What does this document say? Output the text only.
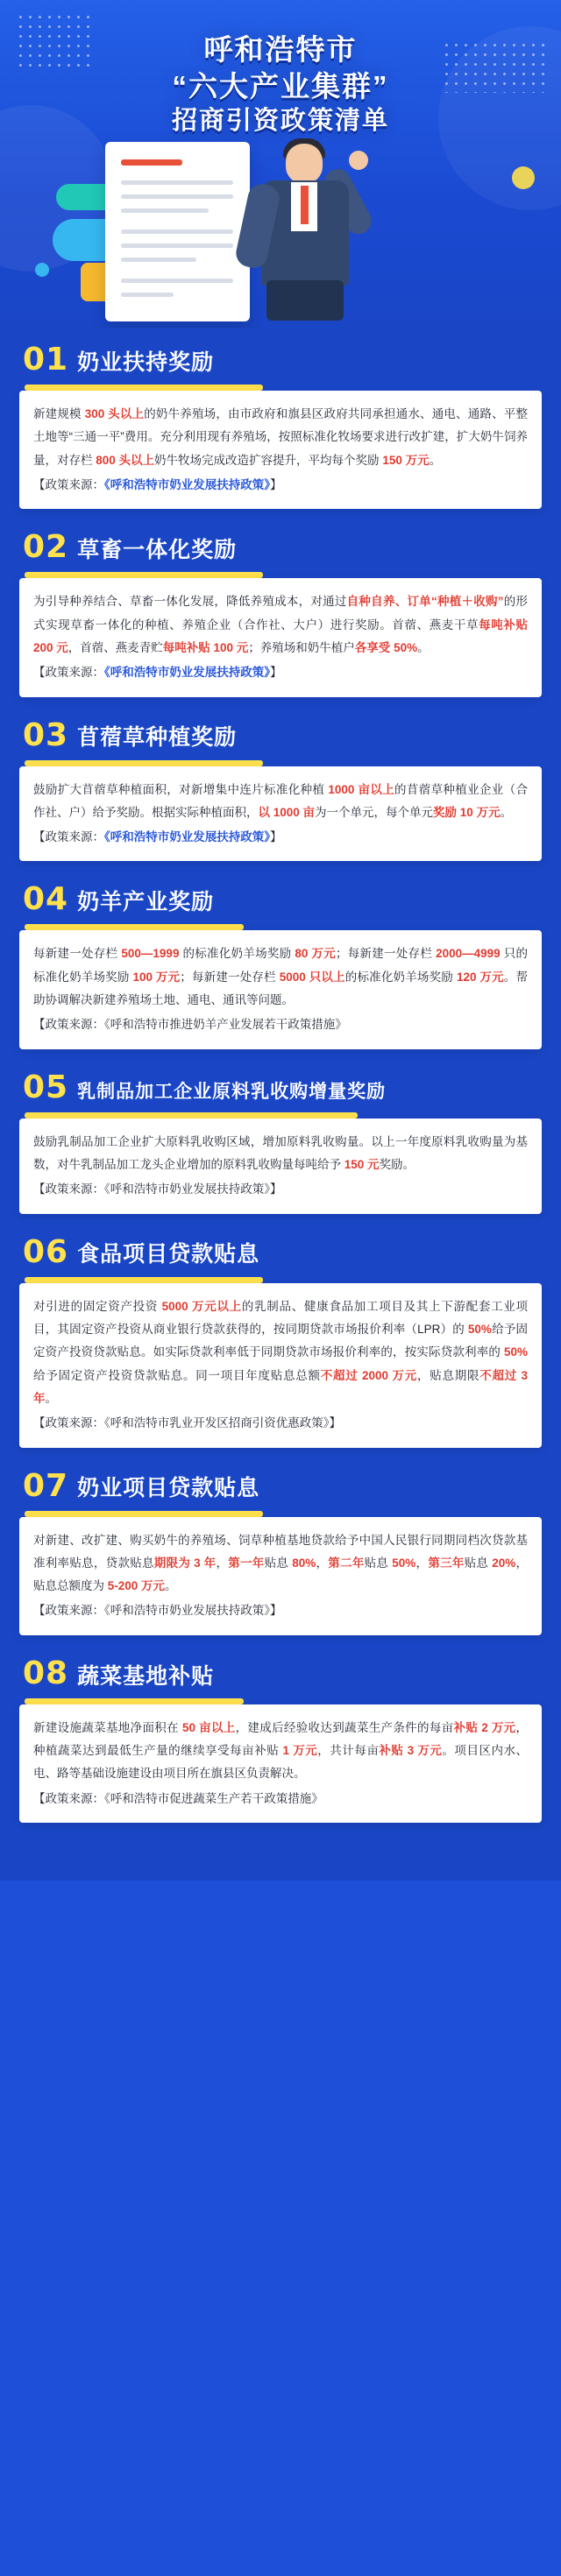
呼和浩特市
“六大产业集群”
招商引资政策清单
01 奶业扶持奖励
新建规模 300 头以上的奶牛养殖场，由市政府和旗县区政府共同承担通水、通电、通路、平整土地等“三通一平”费用。充分利用现有养殖场，按照标准化牧场要求进行改扩建，扩大奶牛饲养量，对存栏 800 头以上奶牛牧场完成改造扩容提升，平均每个奖励 150 万元。
【政策来源：《呼和浩特市奶业发展扶持政策》】
02 草畜一体化奖励
为引导种养结合、草畜一体化发展，降低养殖成本，对通过自种自养、订单“种植＋收购”的形式实现草畜一体化的种植、养殖企业（合作社、大户）进行奖励。首蓿、燕麦干草每吨补贴 200 元，首蓿、燕麦青贮每吨补贴 100 元；养殖场和奶牛植户各享受 50%。
【政策来源：《呼和浩特市奶业发展扶持政策》】
03 苜蓿草种植奖励
鼓励扩大苜蓿草种植面积，对新增集中连片标准化种植 1000 亩以上的苜蓿草种植业企业（合作社、户）给予奖励。根据实际种植面积，以 1000 亩为一个单元，每个单元奖励 10 万元。
【政策来源：《呼和浩特市奶业发展扶持政策》】
04 奶羊产业奖励
每新建一处存栏 500—1999 的标准化奶羊场奖励 80 万元；每新建一处存栏 2000—4999 只的标准化奶羊场奖励 100 万元；每新建一处存栏 5000 只以上的标准化奶羊场奖励 120 万元。帮助协调解决新建养殖场土地、通电、通讯等问题。
【政策来源：《呼和浩特市推进奶羊产业发展若干政策措施》
05 乳制品加工企业原料乳收购增量奖励
鼓励乳制品加工企业扩大原料乳收购区域，增加原料乳收购量。以上一年度原料乳收购量为基数，对牛乳制品加工龙头企业增加的原料乳收购量每吨给予 150 元奖励。
【政策来源：《呼和浩特市奶业发展扶持政策》】
06 食品项目贷款贴息
对引进的固定资产投资 5000 万元以上的乳制品、健康食品加工项目及其上下游配套工业项目，其固定资产投资从商业银行贷款获得的，按同期贷款市场报价利率（LPR）的 50%给予固定资产投资贷款贴息。如实际贷款利率低于同期贷款市场报价利率的，按实际贷款利率的 50%给予固定资产投资贷款贴息。同一项目年度贴息总额不超过 2000 万元，贴息期限不超过 3 年。
【政策来源：《呼和浩特市乳业开发区招商引资优惠政策》】
07 奶业项目贷款贴息
对新建、改扩建、购买奶牛的养殖场、饲草种植基地贷款给予中国人民银行同期同档次贷款基准利率贴息，贷款贴息期限为 3 年，第一年贴息 80%，第二年贴息 50%，第三年贴息 20%，贴息总额度为 5-200 万元。
【政策来源：《呼和浩特市奶业发展扶持政策》】
08 蔬菜基地补贴
新建设施蔬菜基地净面积在 50 亩以上，建成后经验收达到蔬菜生产条件的每亩补贴 2 万元，种植蔬菜达到最低生产量的继续享受每亩补贴 1 万元，共计每亩补贴 3 万元。项目区内水、电、路等基础设施建设由项目所在旗县区负责解决。
【政策来源：《呼和浩特市促进蔬菜生产若干政策措施》
